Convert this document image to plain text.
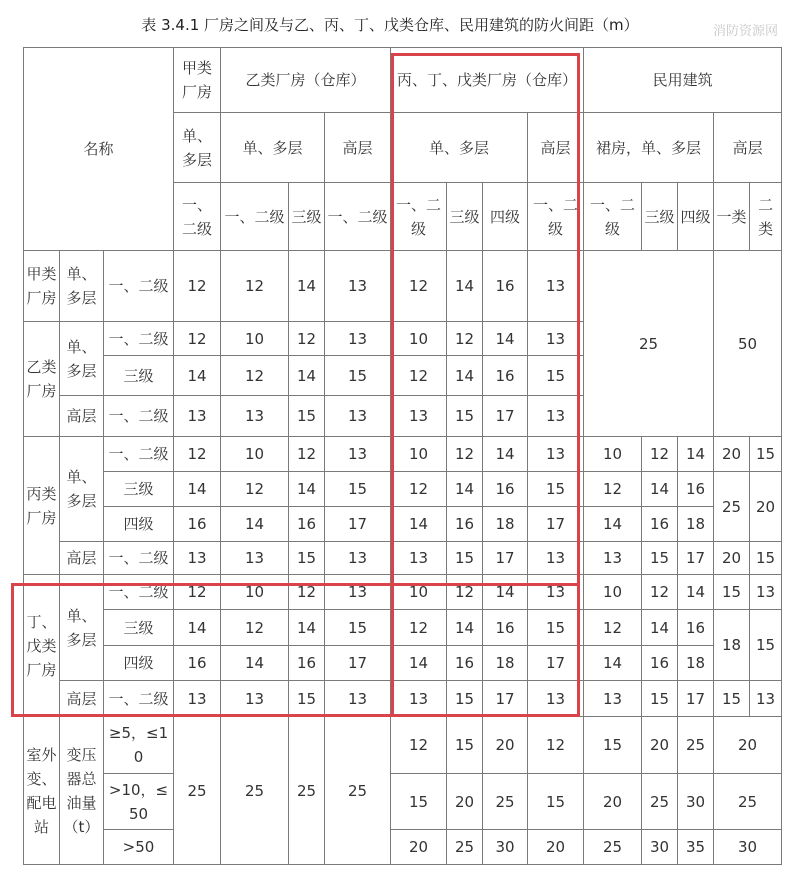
表 3.4.1 厂房之间及与乙、丙、丁、戊类仓库、民用建筑的防火间距（m）	消防资源网
名称			甲类厂房	乙类厂房（仓库）			丙、丁、戊类厂房（仓库）				民用建筑				
			单、多层	单、多层		高层	单、多层			高层	裙房，单、多层			高层	
			一、二级	一、二级	三级	一、二级	一、二级	三级	四级	一、二级	一、二级	三级	四级	一类	二类
甲类厂房	单、多层	一、二级	12	12	14	13	12	14	16	13	25			50	
乙类厂房	单、多层	一、二级	12	10	12	13	10	12	14	13					
		三级	14	12	14	15	12	14	16	15					
	高层	一、二级	13	13	15	13	13	15	17	13					
丙类厂房	单、多层	一、二级	12	10	12	13	10	12	14	13	10	12	14	20	15
		三级	14	12	14	15	12	14	16	15	12	14	16	25	20
		四级	16	14	16	17	14	16	18	17	14	16	18		
	高层	一、二级	13	13	15	13	13	15	17	13	13	15	17	20	15
丁、戊类厂房	单、多层	一、二级	12	10	12	13	10	12	14	13	10	12	14	15	13
		三级	14	12	14	15	12	14	16	15	12	14	16	18	15
		四级	16	14	16	17	14	16	18	17	14	16	18		
	高层	一、二级	13	13	15	13	13	15	17	13	13	15	17	15	13
室外变、配电站	变压器总油量（t）	≥5，≤10	25	25	25	25	12	15	20	12	15	20	25	20	
		>10，≤50					15	20	25	15	20	25	30	25	
		>50					20	25	30	20	25	30	35	30	
